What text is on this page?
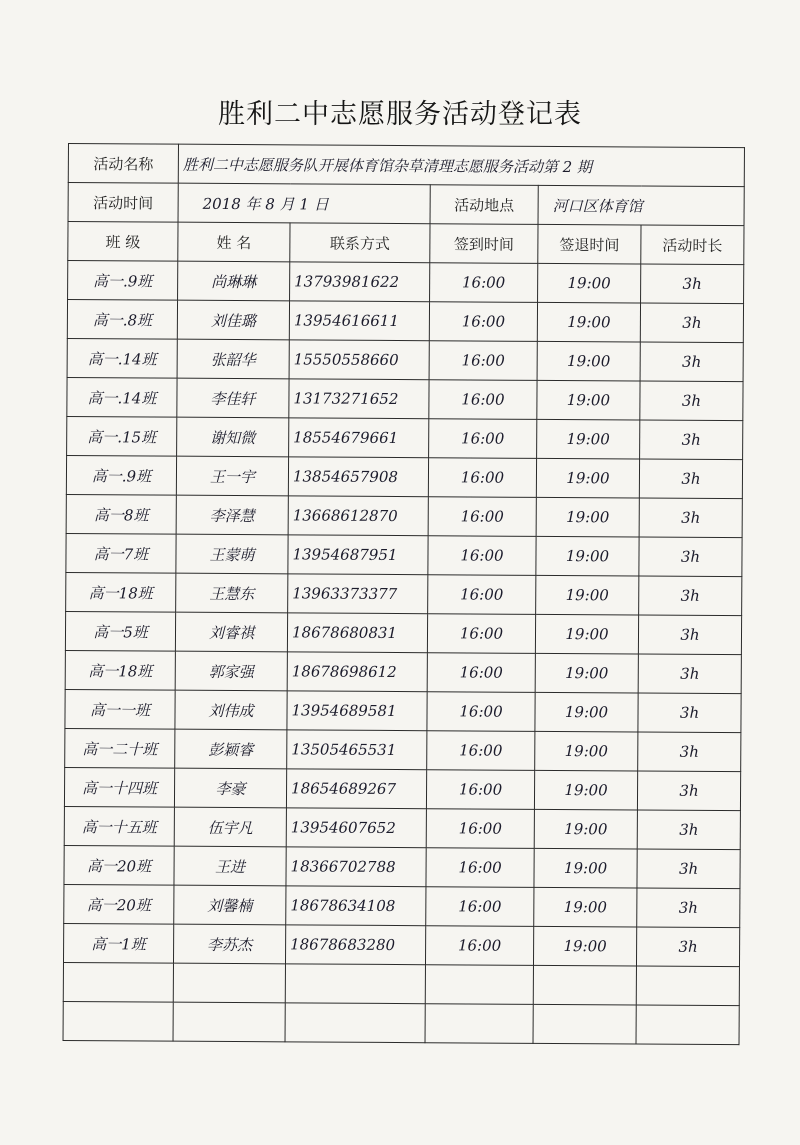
胜利二中志愿服务活动登记表
活动名称	胜利二中志愿服务队开展体育馆杂草清理志愿服务活动第 2 期				
活动时间	2018 年 8 月 1 日		活动地点	河口区体育馆	
班 级	姓 名	联系方式	签到时间	签退时间	活动时长
高一.9班	尚琳琳	13793981622	16:00	19:00	3h
高一.8班	刘佳璐	13954616611	16:00	19:00	3h
高一.14班	张韶华	15550558660	16:00	19:00	3h
高一.14班	李佳轩	13173271652	16:00	19:00	3h
高一.15班	谢知微	18554679661	16:00	19:00	3h
高一.9班	王一宇	13854657908	16:00	19:00	3h
高一8班	李泽慧	13668612870	16:00	19:00	3h
高一7班	王蒙萌	13954687951	16:00	19:00	3h
高一18班	王慧东	13963373377	16:00	19:00	3h
高一5班	刘睿祺	18678680831	16:00	19:00	3h
高一18班	郭家强	18678698612	16:00	19:00	3h
高一一班	刘伟成	13954689581	16:00	19:00	3h
高一二十班	彭颖睿	13505465531	16:00	19:00	3h
高一十四班	李豪	18654689267	16:00	19:00	3h
高一十五班	伍宇凡	13954607652	16:00	19:00	3h
高一20班	王进	18366702788	16:00	19:00	3h
高一20班	刘馨楠	18678634108	16:00	19:00	3h
高一1班	李苏杰	18678683280	16:00	19:00	3h
